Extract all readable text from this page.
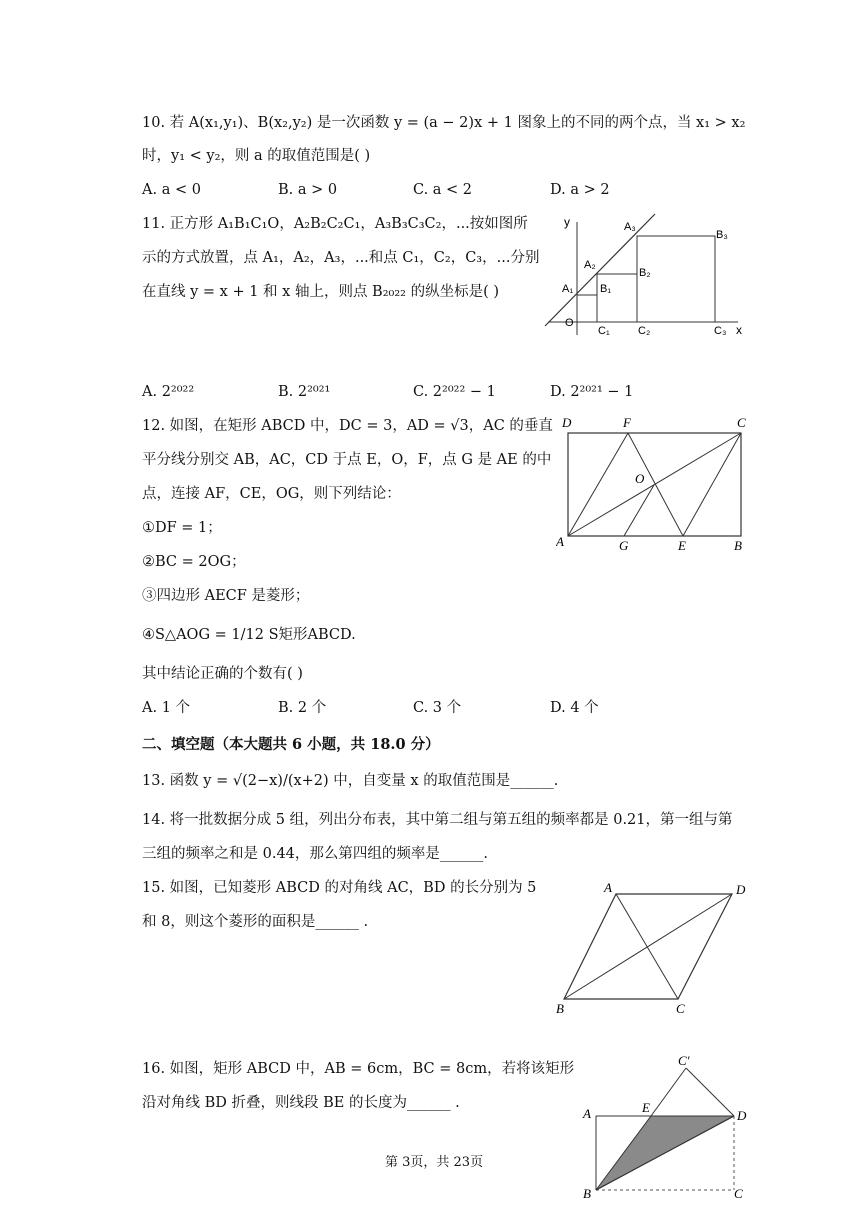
10. 若 A(x₁,y₁)、B(x₂,y₂) 是一次函数 y = (a − 2)x + 1 图象上的不同的两个点，当 x₁ > x₂
时，y₁ < y₂，则 a 的取值范围是( )
A. a < 0	B. a > 0	C. a < 2	D. a > 2
11. 正方形 A₁B₁C₁O，A₂B₂C₂C₁，A₃B₃C₃C₂，...按如图所
示的方式放置，点 A₁，A₂，A₃，...和点 C₁，C₂，C₃，...分别
在直线 y = x + 1 和 x 轴上，则点 B₂₀₂₂ 的纵坐标是( )
y
x
O
A₁
A₂
A₃
B₁
B₂
B₃
C₁	C₂	C₃
A. 2²⁰²²	B. 2²⁰²¹	C. 2²⁰²² − 1	D. 2²⁰²¹ − 1
12. 如图，在矩形 ABCD 中，DC = 3，AD = √3，AC 的垂直
平分线分别交 AB，AC，CD 于点 E，O，F，点 G 是 AE 的中
点，连接 AF，CE，OG，则下列结论：
①DF = 1；
②BC = 2OG；
③四边形 AECF 是菱形；
④S△AOG = 1/12 S矩形ABCD.
其中结论正确的个数有( )
A. 1 个	B. 2 个	C. 3 个	D. 4 个
D	F	C
O
A	G	E	B
二、填空题（本大题共 6 小题，共 18.0 分）
13. 函数 y = √(2−x)/(x+2) 中，自变量 x 的取值范围是______.
14. 将一批数据分成 5 组，列出分布表，其中第二组与第五组的频率都是 0.21，第一组与第
三组的频率之和是 0.44，那么第四组的频率是______.
15. 如图，已知菱形 ABCD 的对角线 AC，BD 的长分别为 5
和 8，则这个菱形的面积是______ .
A	D
B	C
16. 如图，矩形 ABCD 中，AB = 6cm，BC = 8cm，若将该矩形
沿对角线 BD 折叠，则线段 BE 的长度为______ .
C′
A	E
D
B	C
第 3页，共 23页
